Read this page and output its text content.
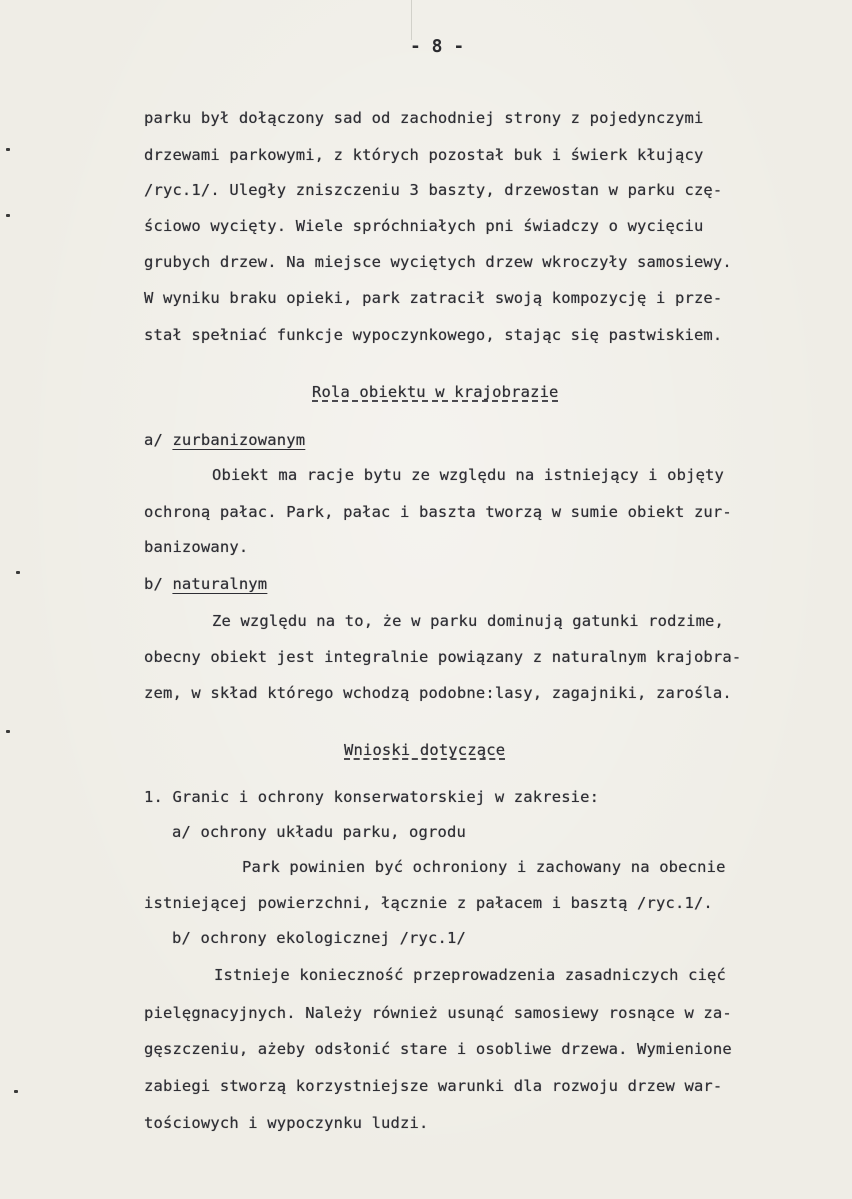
- 8 -
parku był dołączony sad od zachodniej strony z pojedynczymi
drzewami parkowymi, z których pozostał buk i świerk kłujący
/ryc.1/. Uległy zniszczeniu 3 baszty, drzewostan w parku czę-
ściowo wycięty. Wiele spróchniałych pni świadczy o wycięciu
grubych drzew. Na miejsce wyciętych drzew wkroczyły samosiewy.
W wyniku braku opieki, park zatracił swoją kompozycję i prze-
stał spełniać funkcje wypoczynkowego, stając się pastwiskiem.
Rola obiektu w krajobrazie
a/ zurbanizowanym
Obiekt ma racje bytu ze względu na istniejący i objęty
ochroną pałac. Park, pałac i baszta tworzą w sumie obiekt zur-
banizowany.
b/ naturalnym
Ze względu na to, że w parku dominują gatunki rodzime,
obecny obiekt jest integralnie powiązany z naturalnym krajobra-
zem, w skład którego wchodzą podobne:lasy, zagajniki, zarośla.
Wnioski dotyczące
1. Granic i ochrony konserwatorskiej w zakresie:
a/ ochrony układu parku, ogrodu
Park powinien być ochroniony i zachowany na obecnie
istniejącej powierzchni, łącznie z pałacem i basztą /ryc.1/.
b/ ochrony ekologicznej /ryc.1/
Istnieje konieczność przeprowadzenia zasadniczych cięć
pielęgnacyjnych. Należy również usunąć samosiewy rosnące w za-
gęszczeniu, ażeby odsłonić stare i osobliwe drzewa. Wymienione
zabiegi stworzą korzystniejsze warunki dla rozwoju drzew war-
tościowych i wypoczynku ludzi.
